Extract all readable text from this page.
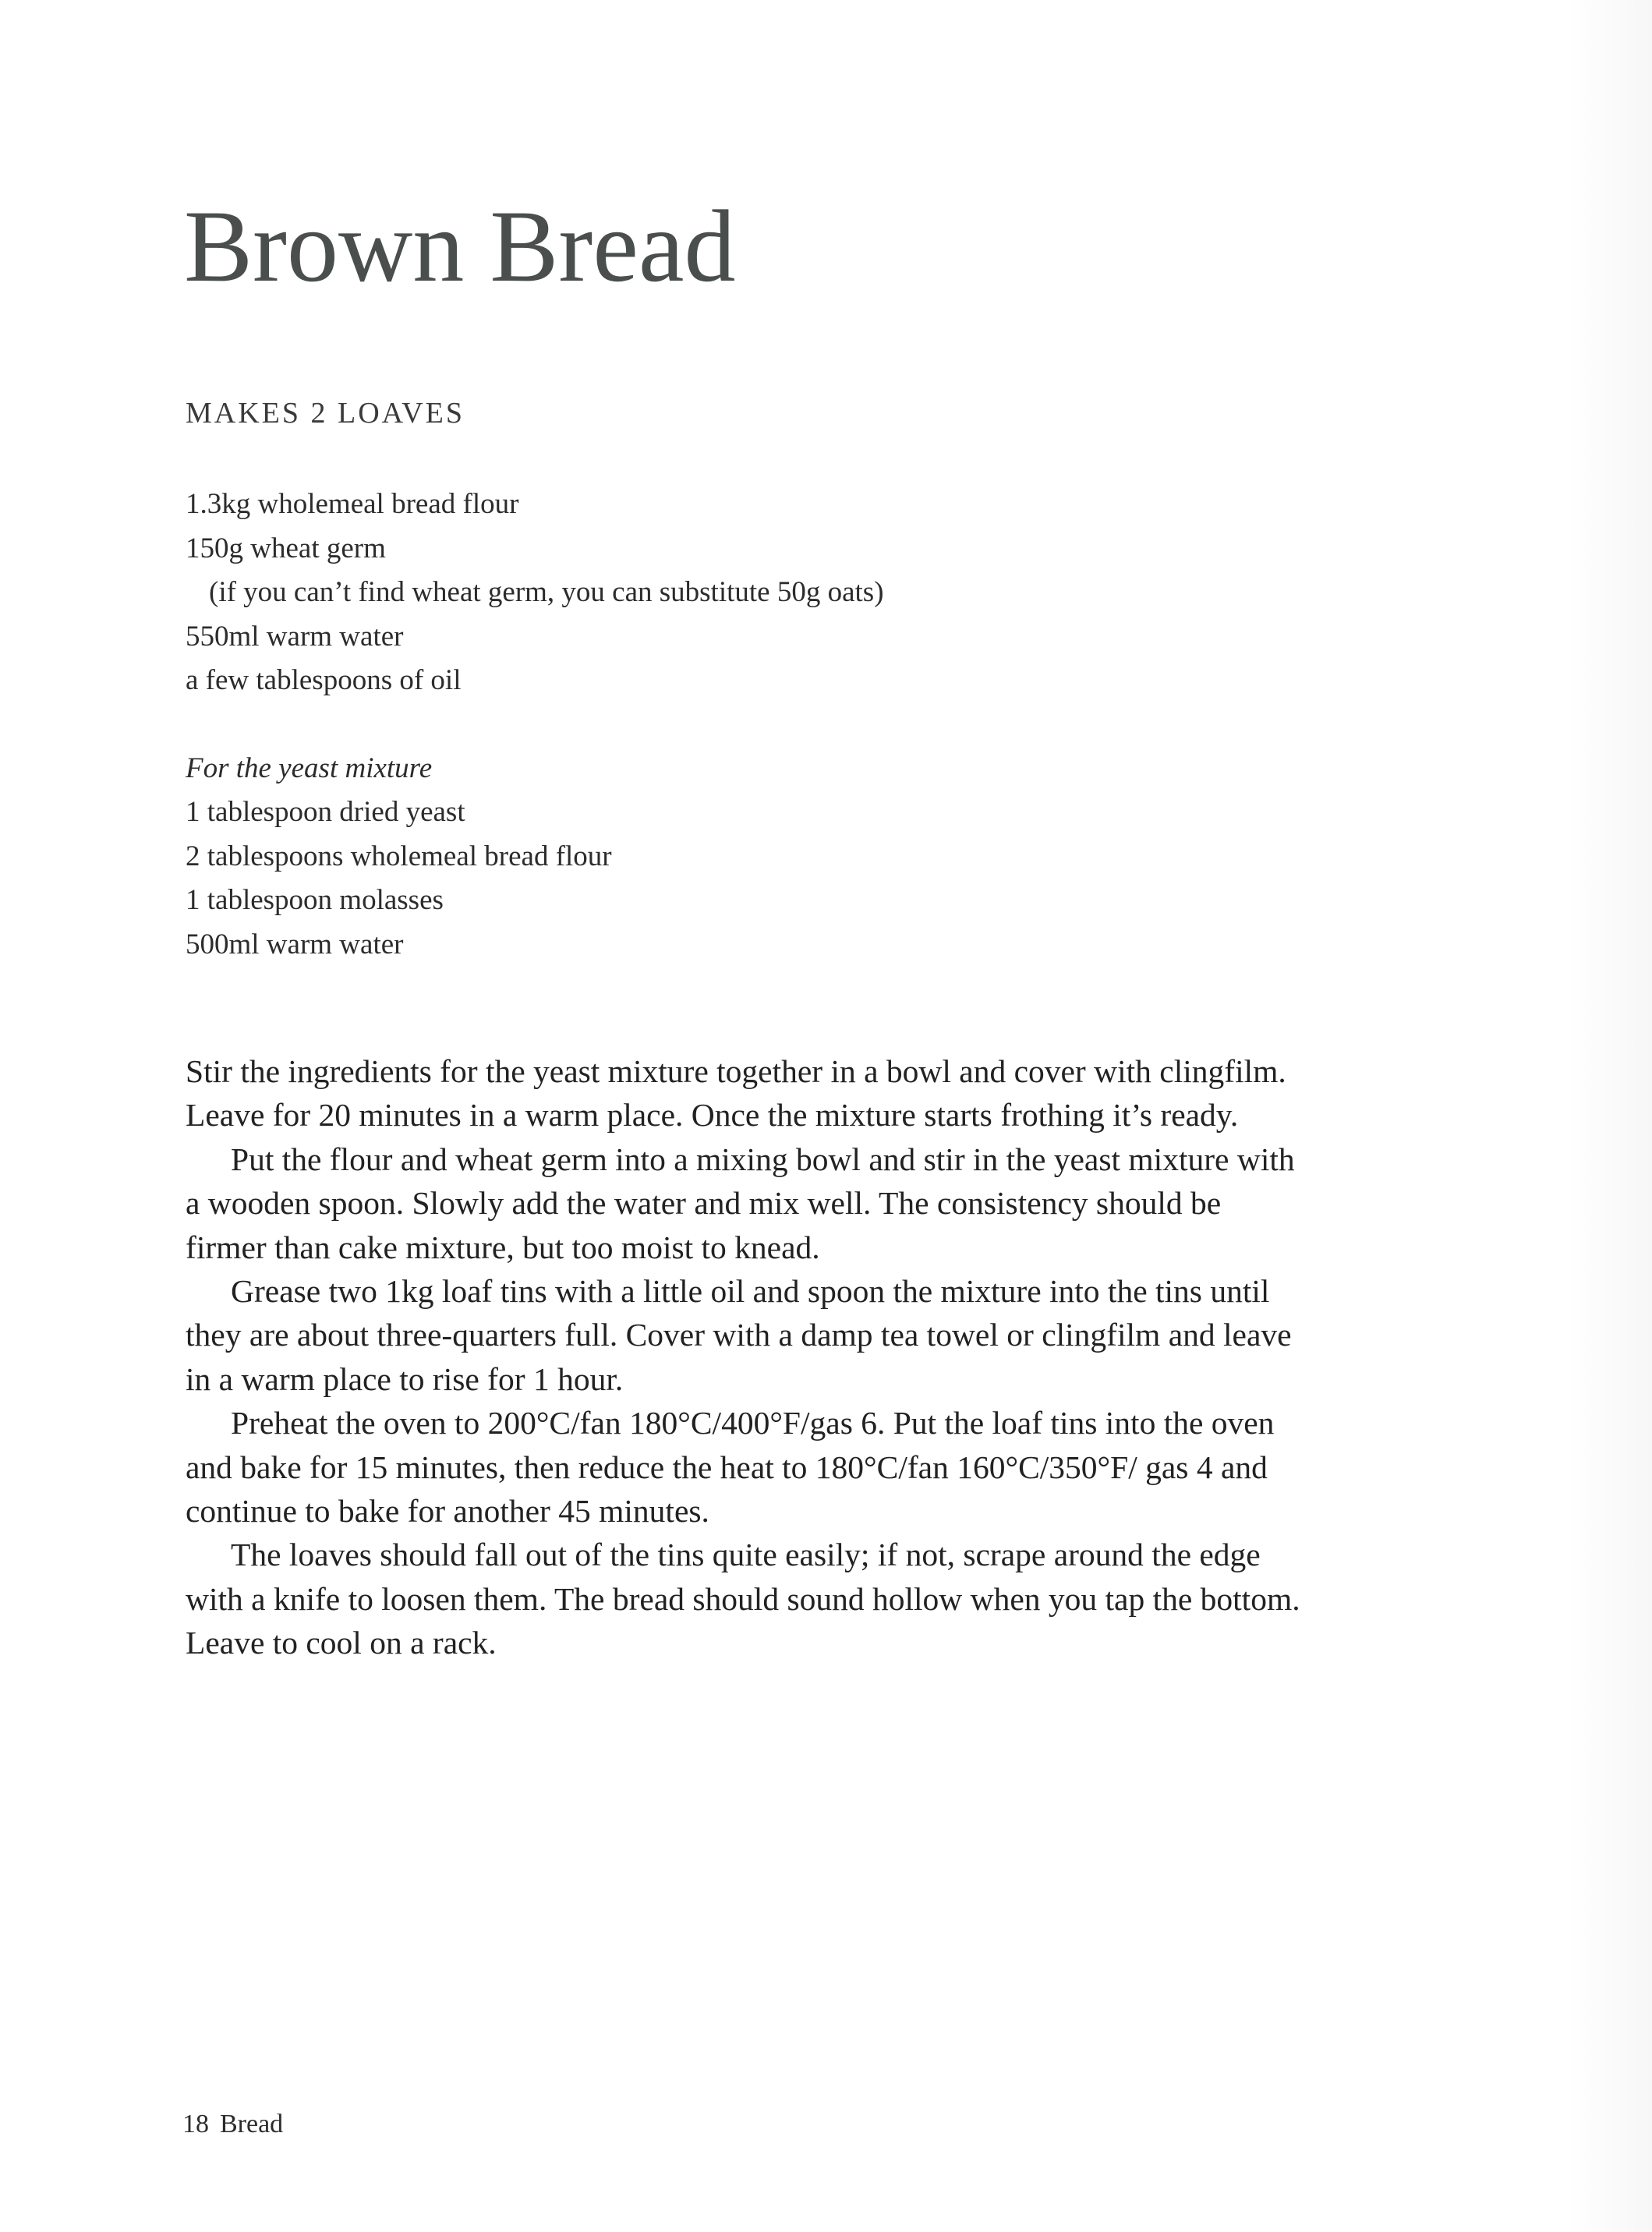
Brown Bread

MAKES 2 LOAVES

1.3kg wholemeal bread flour
150g wheat germ
(if you can’t find wheat germ, you can substitute 50g oats)
550ml warm water
a few tablespoons of oil

For the yeast mixture

1 tablespoon dried yeast
2 tablespoons wholemeal bread flour
1 tablespoon molasses
500ml warm water

Stir the ingredients for the yeast mixture together in a bowl and cover with clingfilm. Leave for 20 minutes in a warm place. Once the mixture starts frothing it’s ready.

Put the flour and wheat germ into a mixing bowl and stir in the yeast mixture with a wooden spoon. Slowly add the water and mix well. The consistency should be firmer than cake mixture, but too moist to knead.

Grease two 1kg loaf tins with a little oil and spoon the mixture into the tins until they are about three-quarters full. Cover with a damp tea towel or clingfilm and leave in a warm place to rise for 1 hour.

Preheat the oven to 200°C/fan 180°C/400°F/gas 6. Put the loaf tins into the oven and bake for 15 minutes, then reduce the heat to 180°C/fan 160°C/350°F/ gas 4 and continue to bake for another 45 minutes.

The loaves should fall out of the tins quite easily; if not, scrape around the edge with a knife to loosen them. The bread should sound hollow when you tap the bottom. Leave to cool on a rack.

18 Bread
